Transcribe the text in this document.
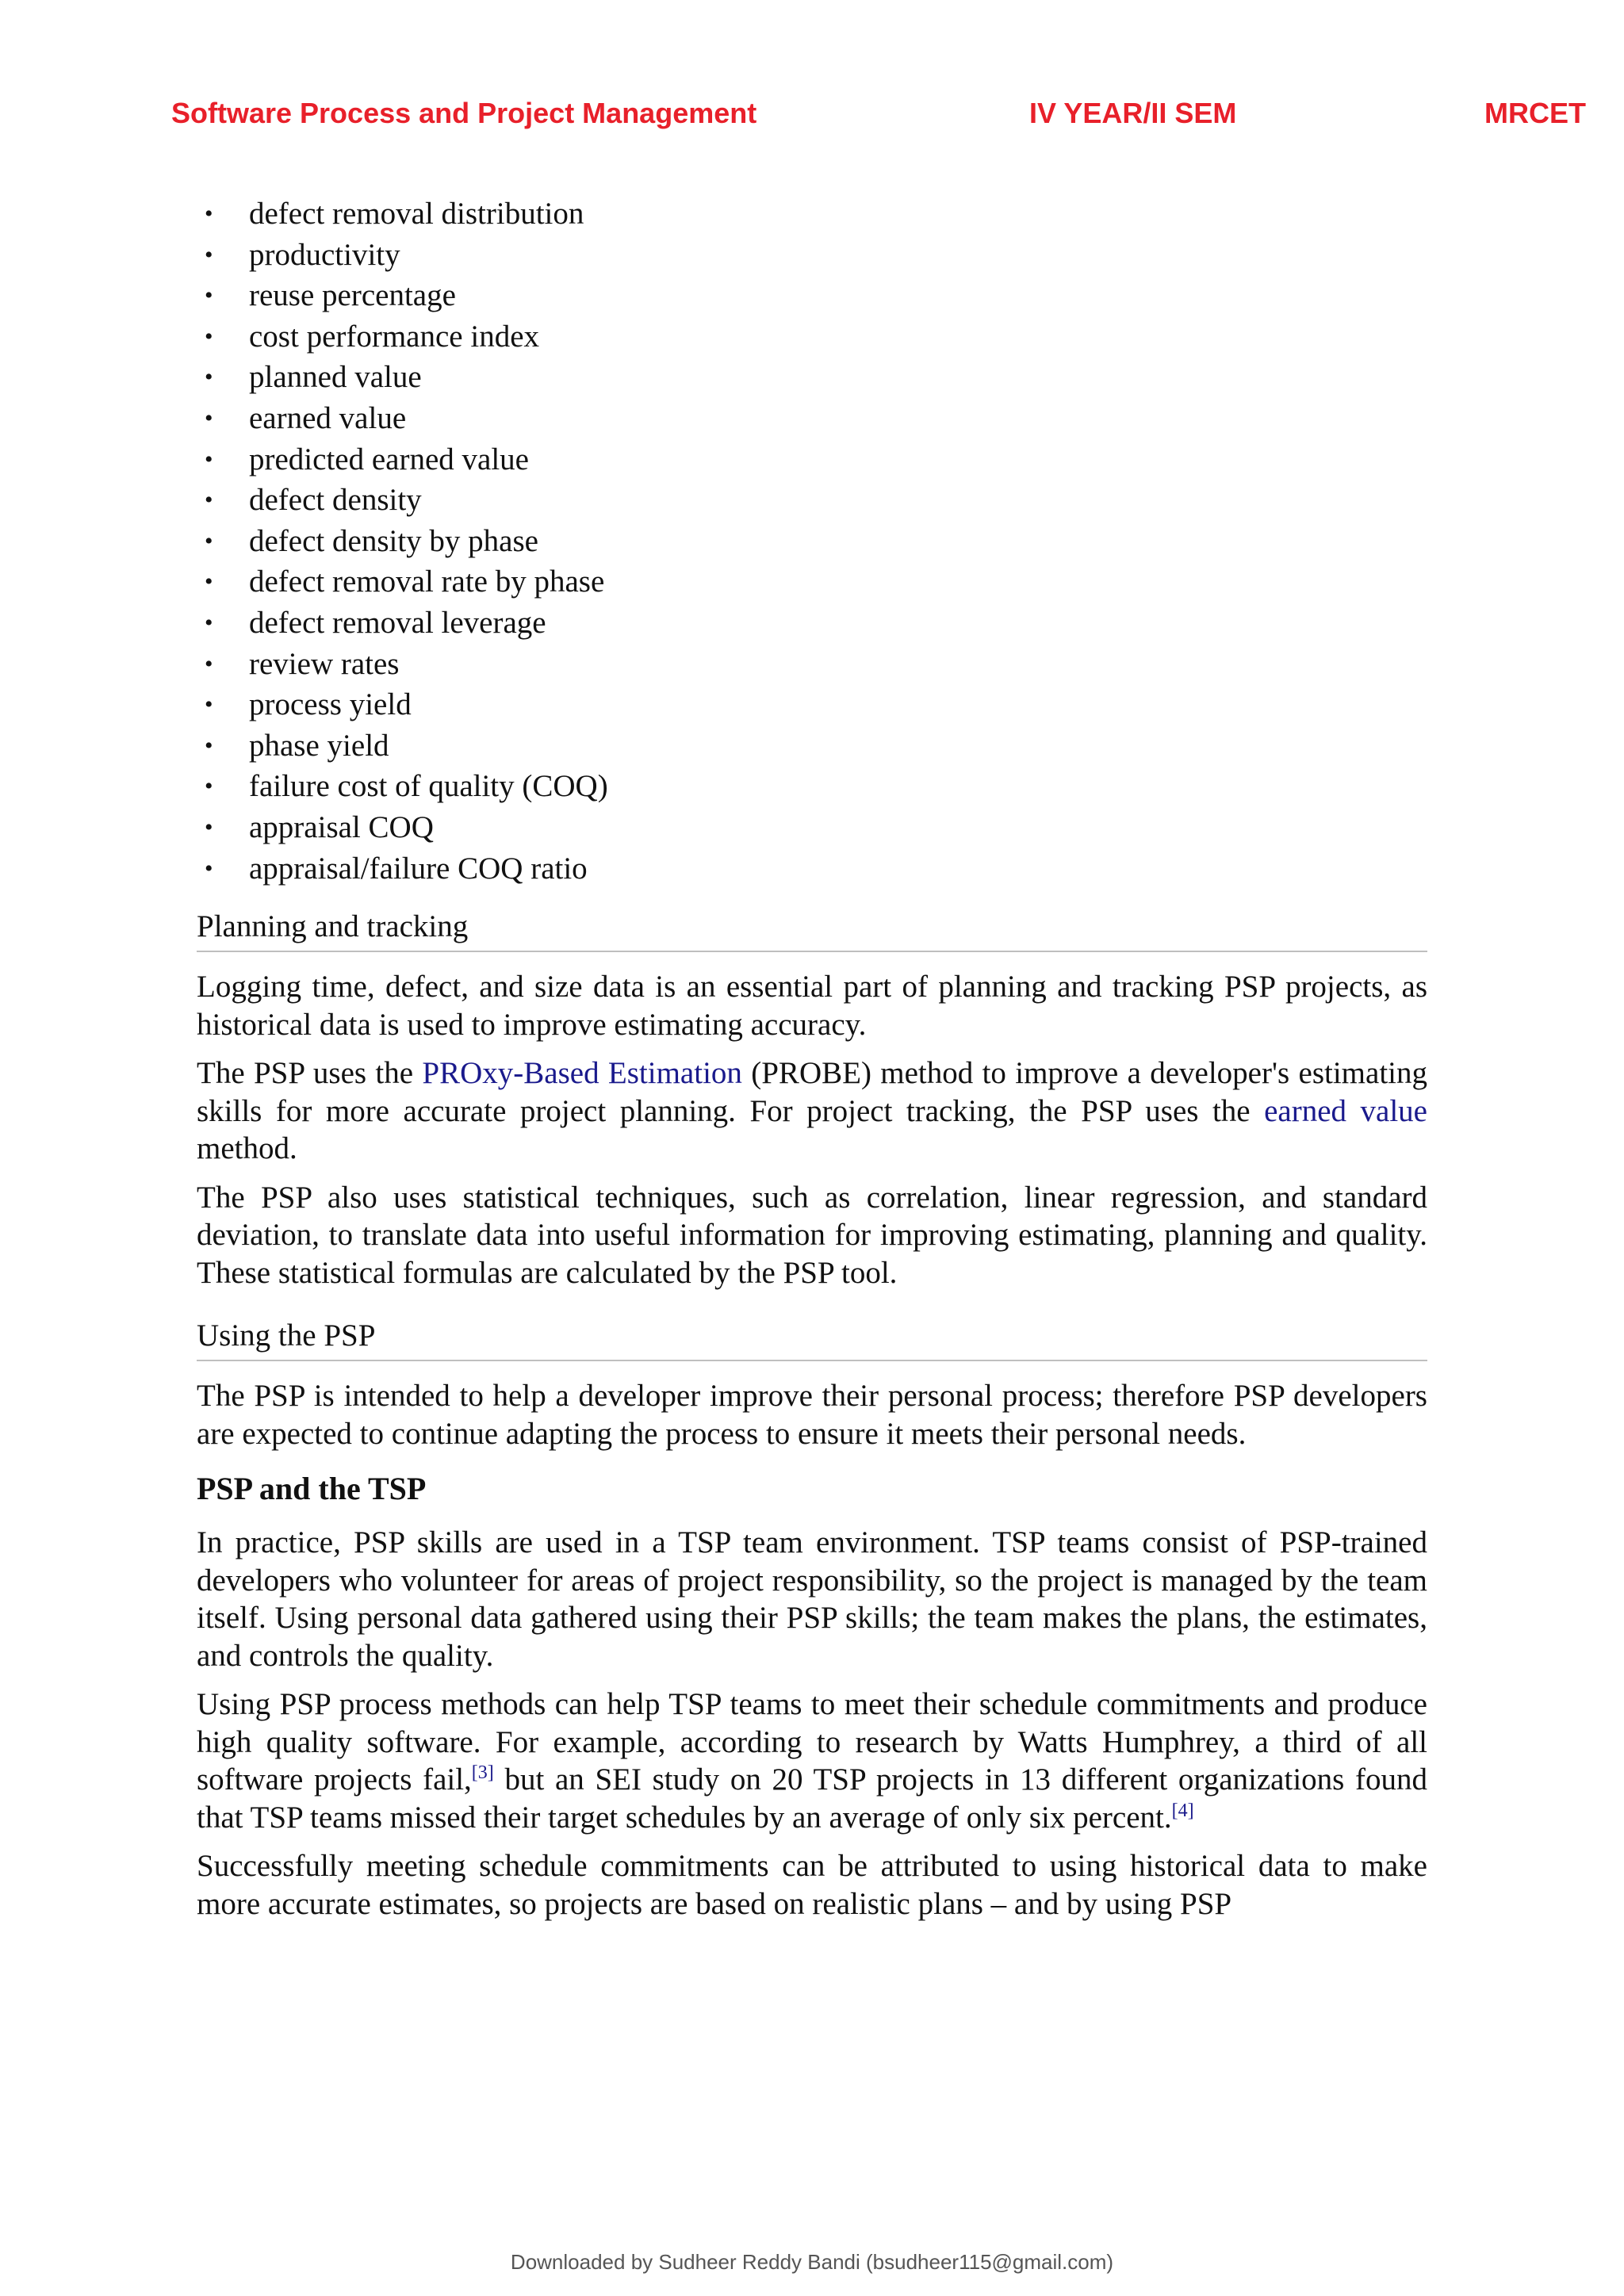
Software Process and Project Management	IV YEAR/II SEM	MRCET
• defect removal distribution
• productivity
• reuse percentage
• cost performance index
• planned value
• earned value
• predicted earned value
• defect density
• defect density by phase
• defect removal rate by phase
• defect removal leverage
• review rates
• process yield
• phase yield
• failure cost of quality (COQ)
• appraisal COQ
• appraisal/failure COQ ratio
Planning and tracking

Logging time, defect, and size data is an essential part of planning and tracking PSP projects, as historical data is used to improve estimating accuracy.

The PSP uses the PROxy-Based Estimation (PROBE) method to improve a developer's estimating skills for more accurate project planning. For project tracking, the PSP uses the earned value method.

The PSP also uses statistical techniques, such as correlation, linear regression, and standard deviation, to translate data into useful information for improving estimating, planning and quality. These statistical formulas are calculated by the PSP tool.

Using the PSP

The PSP is intended to help a developer improve their personal process; therefore PSP developers are expected to continue adapting the process to ensure it meets their personal needs.

PSP and the TSP

In practice, PSP skills are used in a TSP team environment. TSP teams consist of PSP-trained developers who volunteer for areas of project responsibility, so the project is managed by the team itself. Using personal data gathered using their PSP skills; the team makes the plans, the estimates, and controls the quality.

Using PSP process methods can help TSP teams to meet their schedule commitments and produce high quality software. For example, according to research by Watts Humphrey, a third of all software projects fail,[3] but an SEI study on 20 TSP projects in 13 different organizations found that TSP teams missed their target schedules by an average of only six percent.[4]

Successfully meeting schedule commitments can be attributed to using historical data to make more accurate estimates, so projects are based on realistic plans – and by using PSP

Downloaded by Sudheer Reddy Bandi (bsudheer115@gmail.com)
